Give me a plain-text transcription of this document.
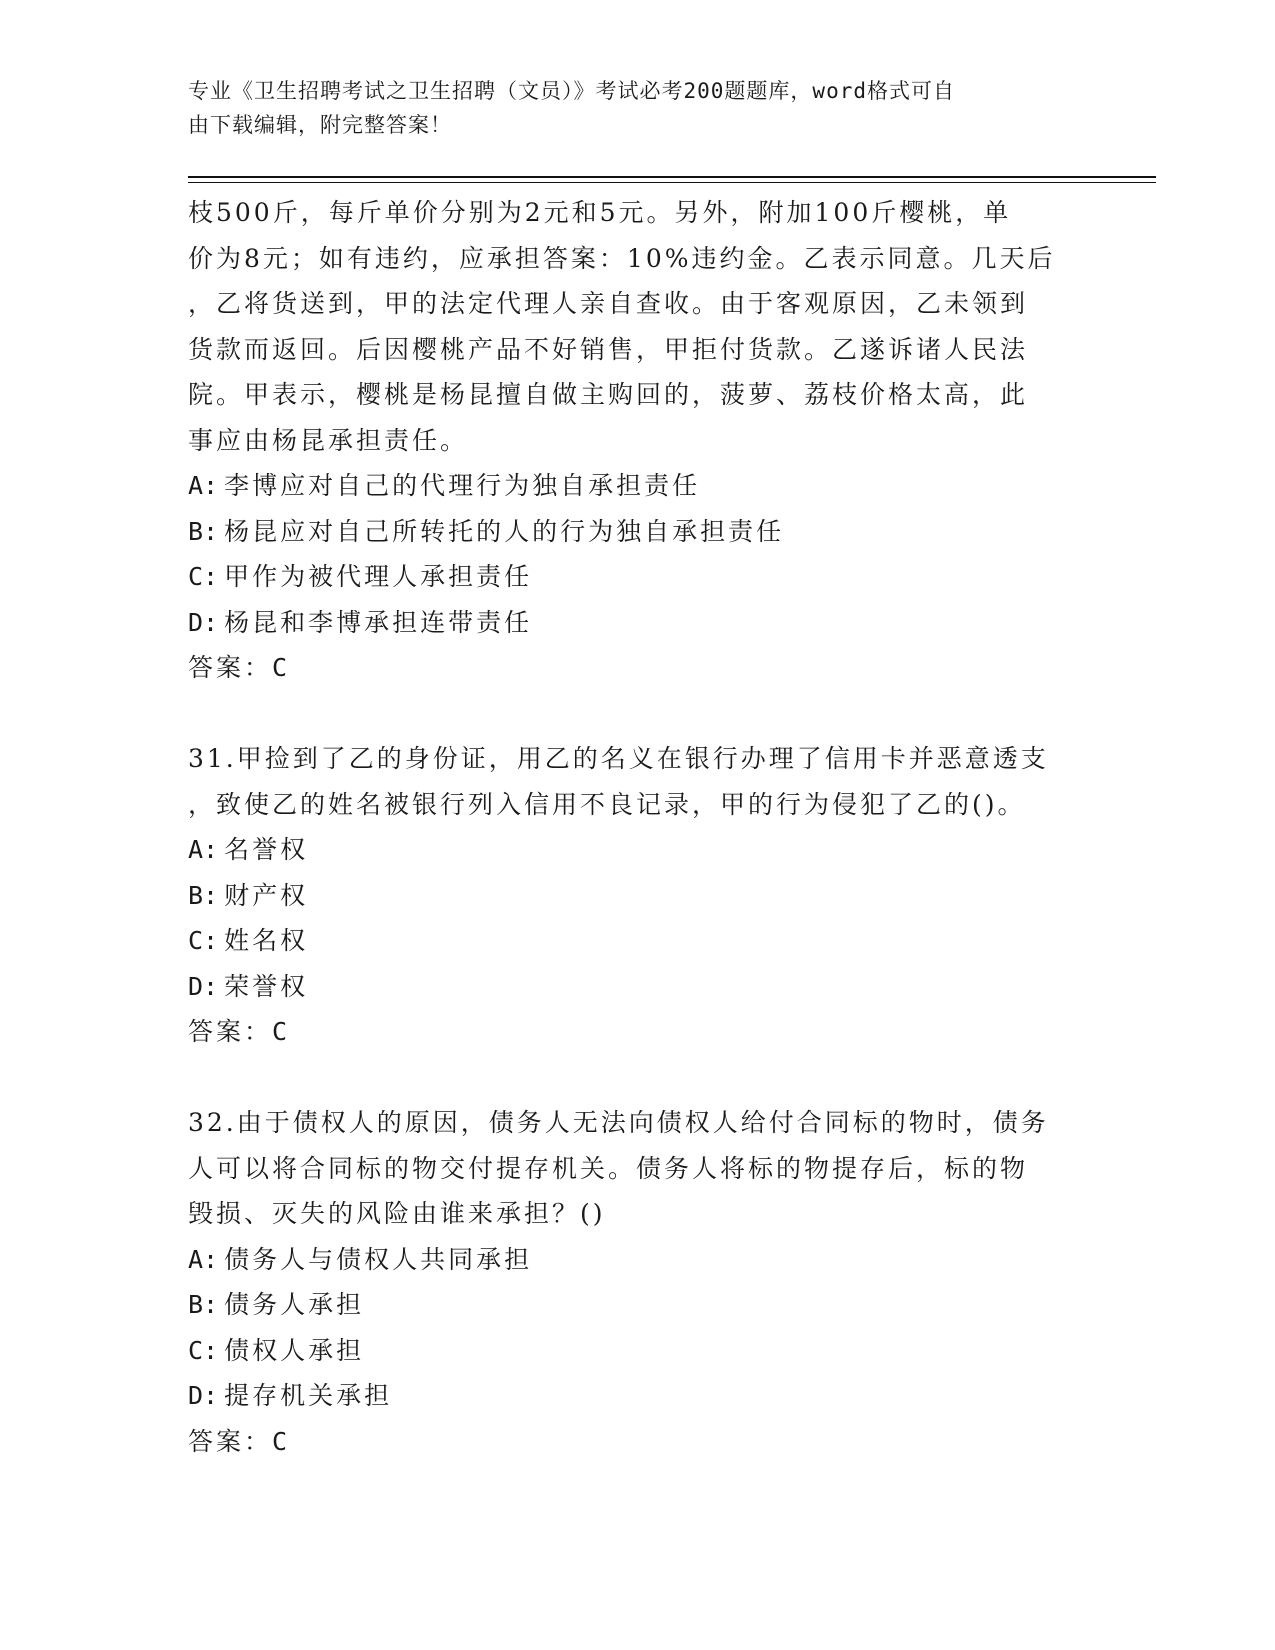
专业《卫生招聘考试之卫生招聘（文员）》考试必考200题题库，word格式可自
由下载编辑，附完整答案！

枝500斤，每斤单价分别为2元和5元。另外，附加100斤樱桃，单

价为8元；如有违约，应承担答案：10%违约金。乙表示同意。几天后

，乙将货送到，甲的法定代理人亲自查收。由于客观原因，乙未领到

货款而返回。后因樱桃产品不好销售，甲拒付货款。乙遂诉诸人民法

院。甲表示，樱桃是杨昆擅自做主购回的，菠萝、荔枝价格太高，此

事应由杨昆承担责任。

A: 李博应对自己的代理行为独自承担责任

B: 杨昆应对自己所转托的人的行为独自承担责任

C: 甲作为被代理人承担责任

D: 杨昆和李博承担连带责任

答案：C

31.甲捡到了乙的身份证，用乙的名义在银行办理了信用卡并恶意透支

，致使乙的姓名被银行列入信用不良记录，甲的行为侵犯了乙的()。

A: 名誉权

B: 财产权

C: 姓名权

D: 荣誉权

答案：C

32.由于债权人的原因，债务人无法向债权人给付合同标的物时，债务

人可以将合同标的物交付提存机关。债务人将标的物提存后，标的物

毁损、灭失的风险由谁来承担？()

A: 债务人与债权人共同承担

B: 债务人承担

C: 债权人承担

D: 提存机关承担

答案：C
